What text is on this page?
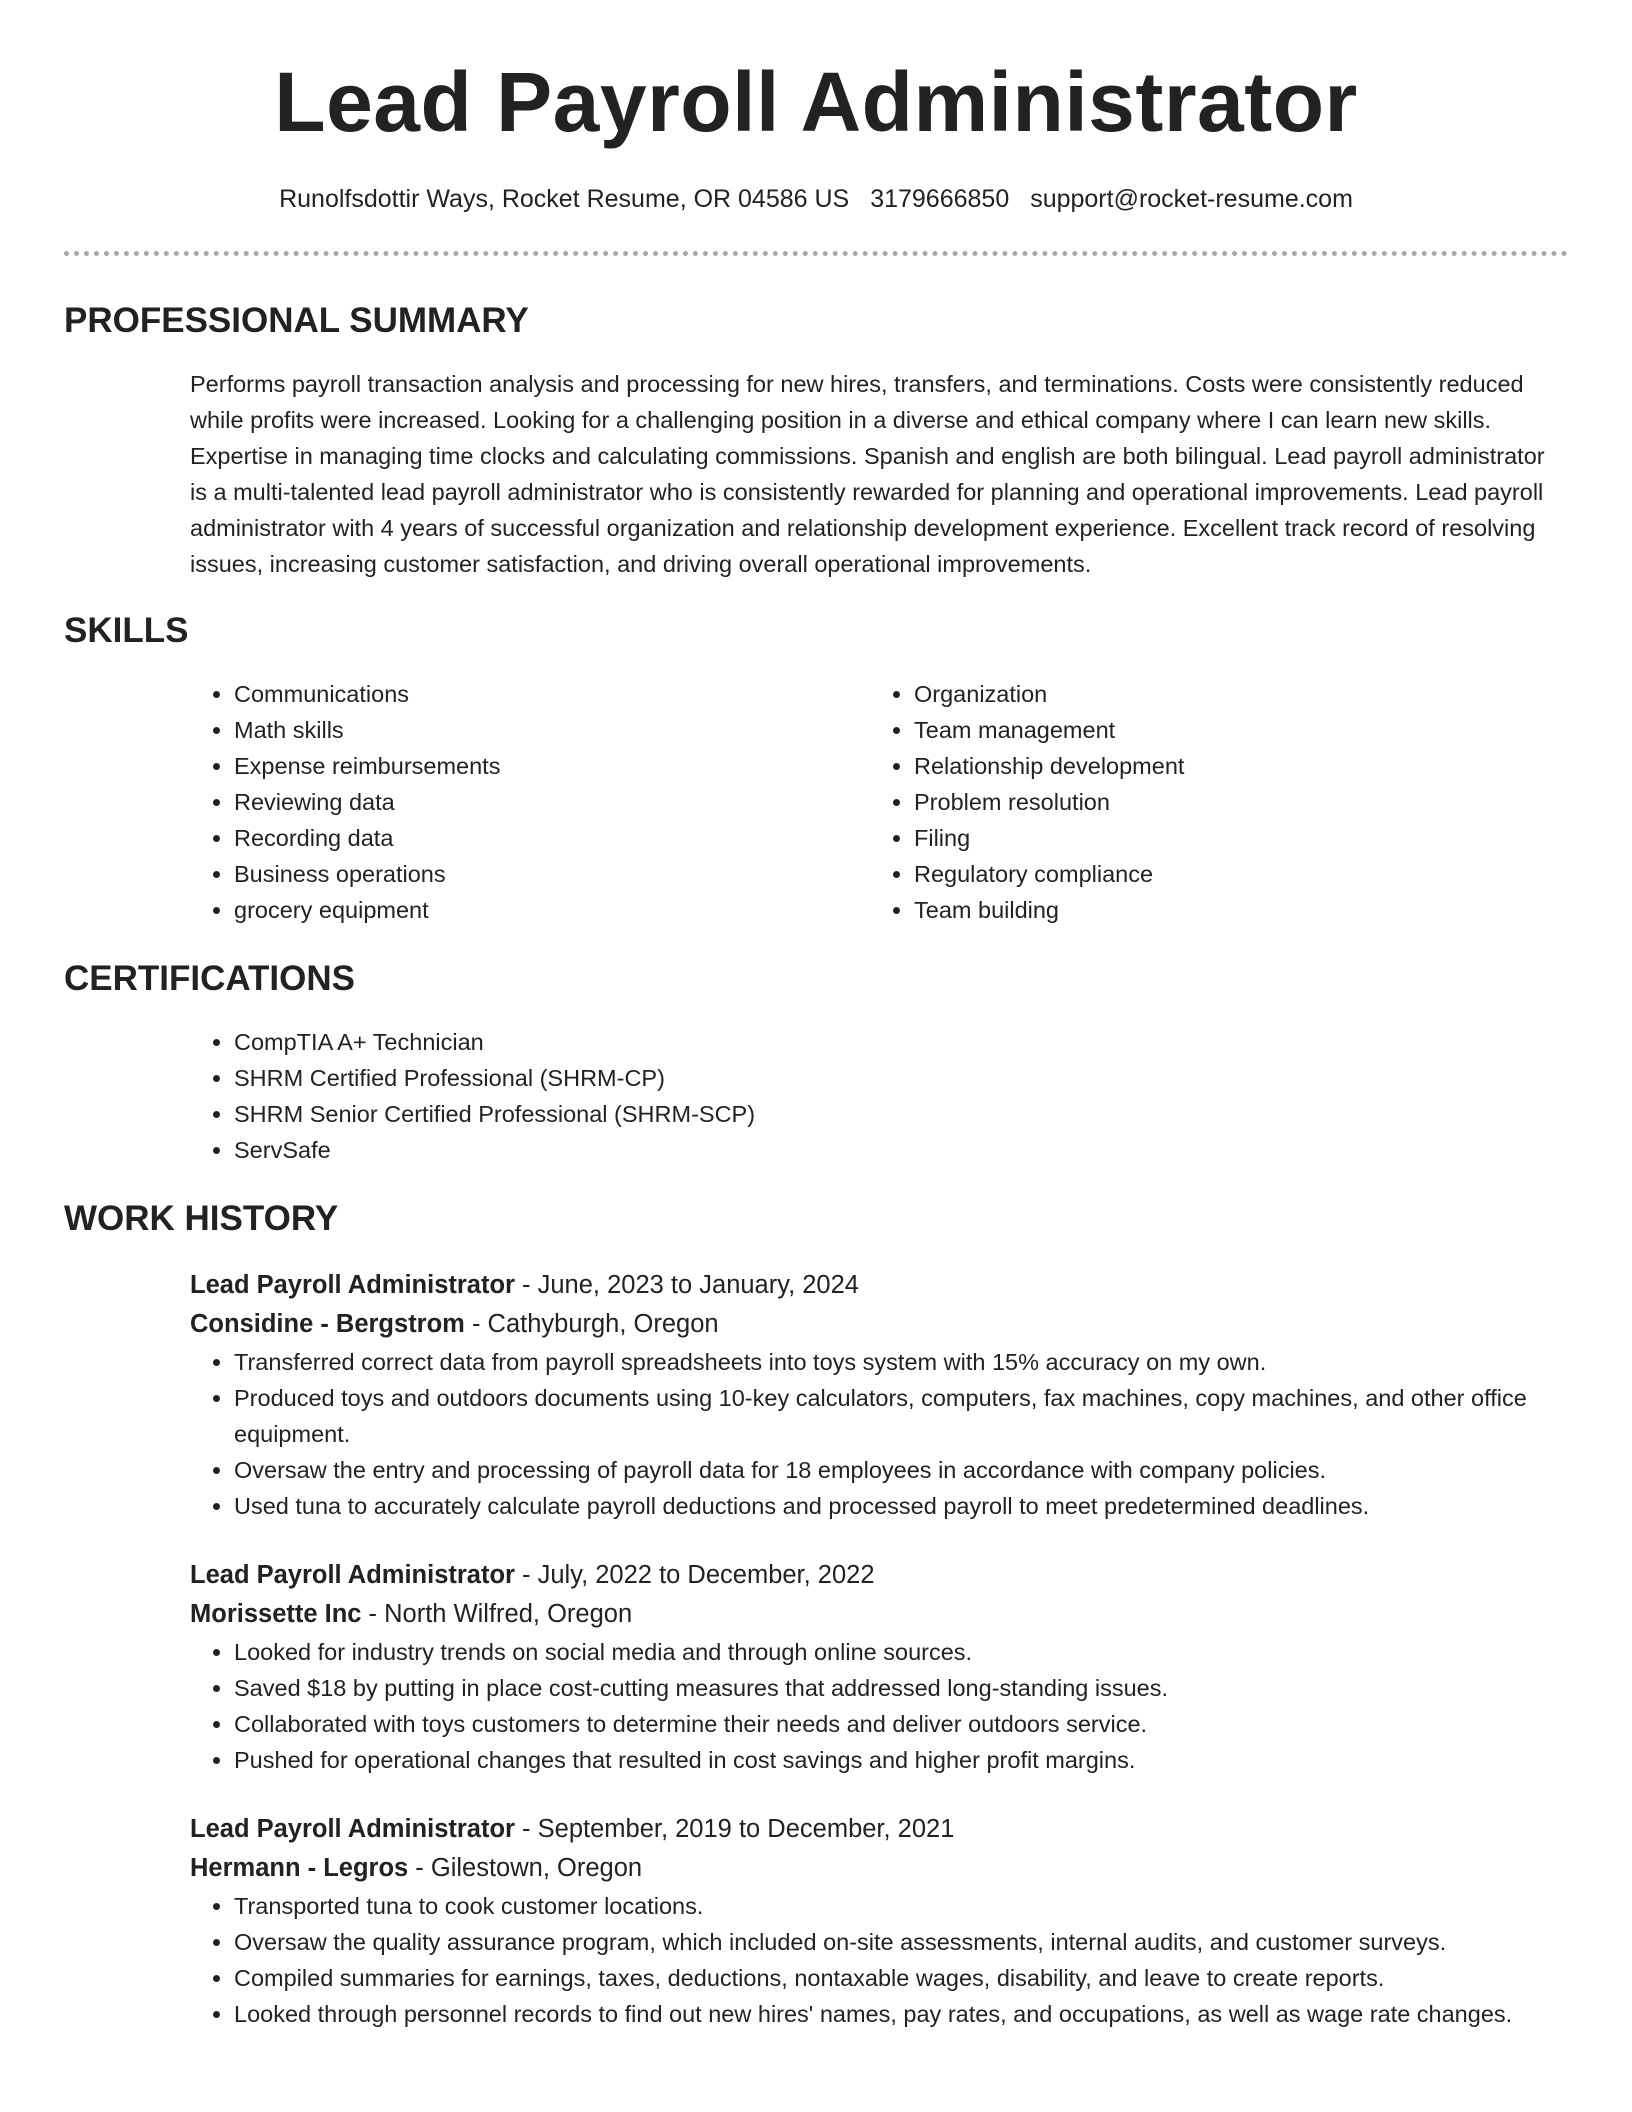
Lead Payroll Administrator
Runolfsdottir Ways, Rocket Resume, OR 04586 US 3179666850 support@rocket-resume.com
PROFESSIONAL SUMMARY

Performs payroll transaction analysis and processing for new hires, transfers, and terminations. Costs were consistently reduced while profits were increased. Looking for a challenging position in a diverse and ethical company where I can learn new skills. Expertise in managing time clocks and calculating commissions. Spanish and english are both bilingual. Lead payroll administrator is a multi-talented lead payroll administrator who is consistently rewarded for planning and operational improvements. Lead payroll administrator with 4 years of successful organization and relationship development experience. Excellent track record of resolving issues, increasing customer satisfaction, and driving overall operational improvements.

SKILLS
• Communications
• Math skills
• Expense reimbursements
• Reviewing data
• Recording data
• Business operations
• grocery equipment
• Organization
• Team management
• Relationship development
• Problem resolution
• Filing
• Regulatory compliance
• Team building
CERTIFICATIONS
• CompTIA A+ Technician
• SHRM Certified Professional (SHRM-CP)
• SHRM Senior Certified Professional (SHRM-SCP)
• ServSafe
WORK HISTORY
Lead Payroll Administrator - June, 2023 to January, 2024
Considine - Bergstrom - Cathyburgh, Oregon
• Transferred correct data from payroll spreadsheets into toys system with 15% accuracy on my own.
• Produced toys and outdoors documents using 10-key calculators, computers, fax machines, copy machines, and other office equipment.
• Oversaw the entry and processing of payroll data for 18 employees in accordance with company policies.
• Used tuna to accurately calculate payroll deductions and processed payroll to meet predetermined deadlines.
Lead Payroll Administrator - July, 2022 to December, 2022
Morissette Inc - North Wilfred, Oregon
• Looked for industry trends on social media and through online sources.
• Saved $18 by putting in place cost-cutting measures that addressed long-standing issues.
• Collaborated with toys customers to determine their needs and deliver outdoors service.
• Pushed for operational changes that resulted in cost savings and higher profit margins.
Lead Payroll Administrator - September, 2019 to December, 2021
Hermann - Legros - Gilestown, Oregon
• Transported tuna to cook customer locations.
• Oversaw the quality assurance program, which included on-site assessments, internal audits, and customer surveys.
• Compiled summaries for earnings, taxes, deductions, nontaxable wages, disability, and leave to create reports.
• Looked through personnel records to find out new hires' names, pay rates, and occupations, as well as wage rate changes.
